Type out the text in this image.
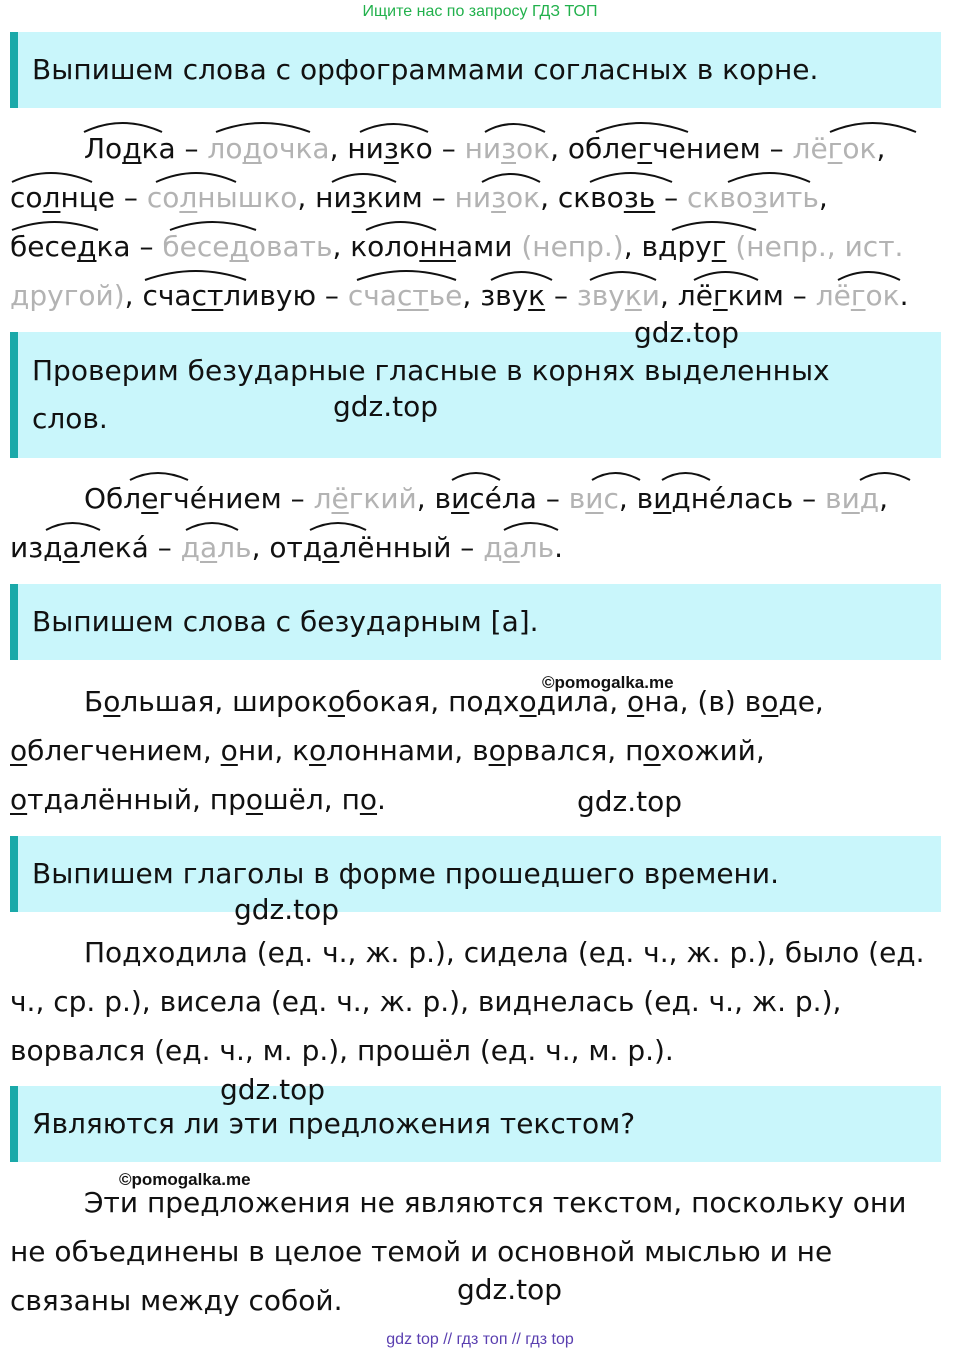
Ищите нас по запросу ГДЗ ТОП
Выпишем слова с орфограммами согласных в корне.
Лодка – лодочка, низко – низок, облегчением – лёгок,
солнце – солнышко, низким – низок, сквозь – сквозить,
беседка – беседовать, колоннами (непр.), вдруг (непр., ист.
другой), счастливую – счастье, звук – звуки, лёгким – лёгок.
Проверим безударные гласные в корнях выделенных
слов.
Облегче́нием – лёгкий, висе́ла – вис, видне́лась – вид,
издалека́ – даль, отдалённый – даль.
Выпишем слова с безударным [а].
Большая, широкобокая, подходила, она, (в) воде,
облегчением, они, колоннами, ворвался, похожий,
отдалённый, прошёл, по.
Выпишем глаголы в форме прошедшего времени.
Подходила (ед. ч., ж. р.), сидела (ед. ч., ж. р.), было (ед.
ч., ср. р.), висела (ед. ч., ж. р.), виднелась (ед. ч., ж. р.),
ворвался (ед. ч., м. р.), прошёл (ед. ч., м. р.).
Являются ли эти предложения текстом?
Эти предложения не являются текстом, поскольку они
не объединены в целое темой и основной мыслью и не
связаны между собой.
gdz.top
gdz.top
©pomogalka.me
gdz.top
gdz.top
gdz.top
©pomogalka.me
gdz.top
gdz top // гдз топ // гдз top
